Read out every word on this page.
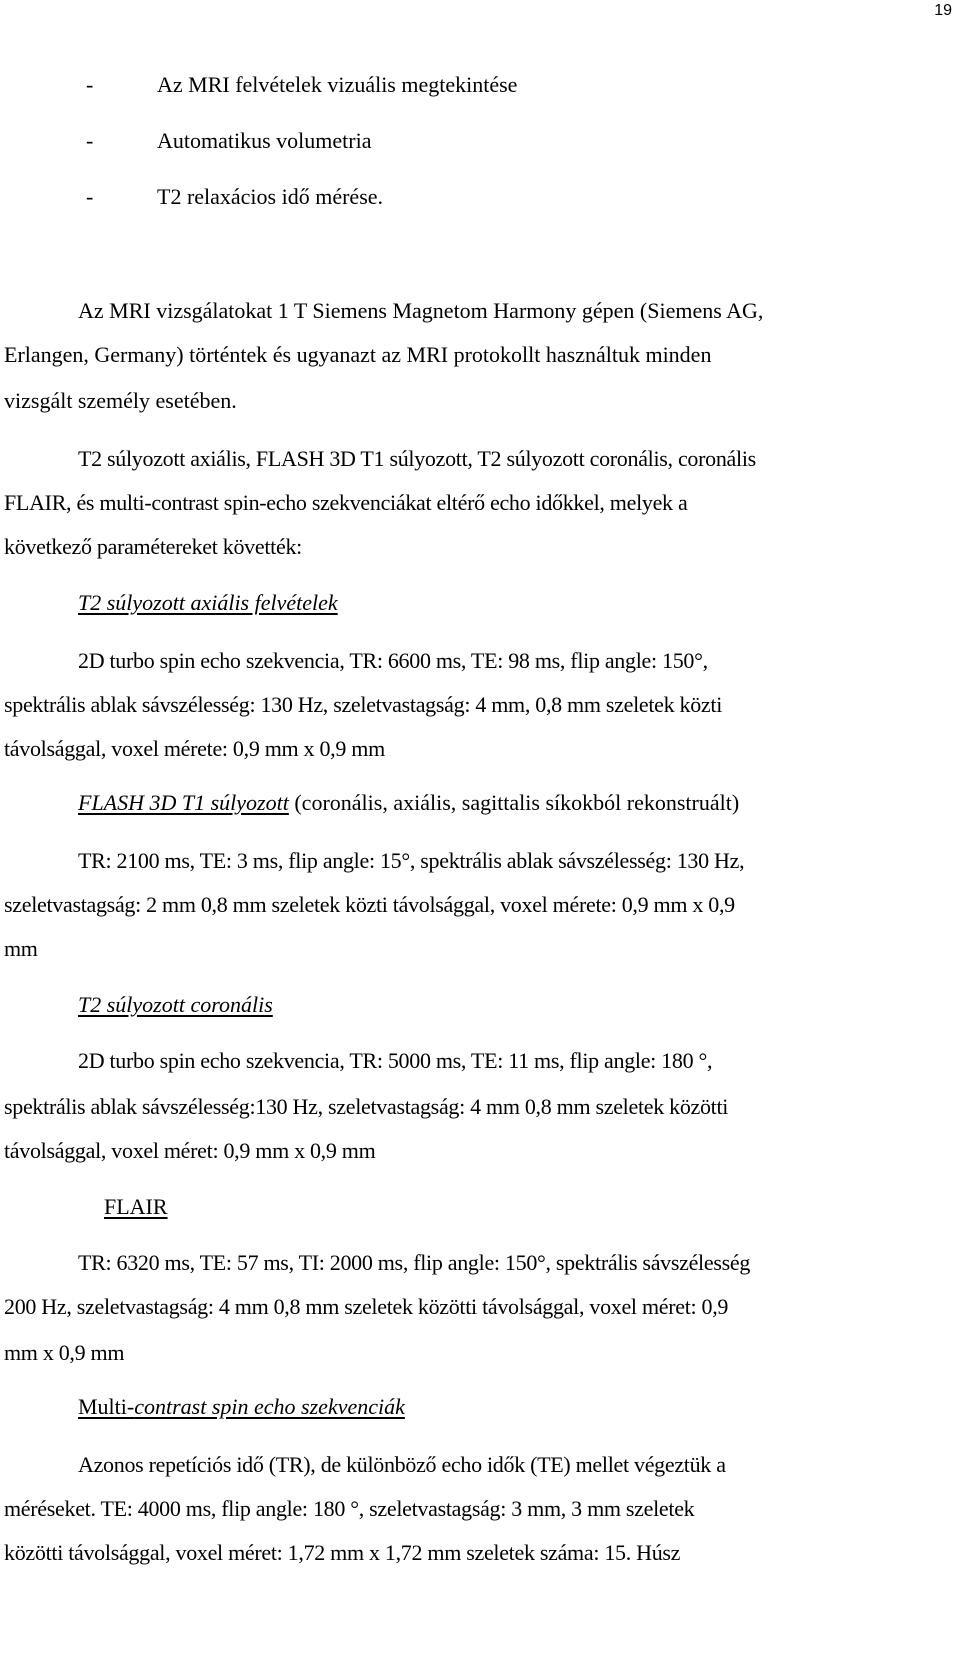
19
-	Az MRI felvételek vizuális megtekintése
-	Automatikus volumetria
-	T2 relaxácios idő mérése.
Az MRI vizsgálatokat 1 T Siemens Magnetom Harmony gépen (Siemens AG,
Erlangen, Germany) történtek és ugyanazt az MRI protokollt használtuk minden
vizsgált személy esetében.
T2 súlyozott axiális, FLASH 3D T1 súlyozott, T2 súlyozott coronális, coronális
FLAIR, és multi-contrast spin-echo szekvenciákat eltérő echo időkkel, melyek a
következő paramétereket követték:
T2 súlyozott axiális felvételek
2D turbo spin echo szekvencia, TR: 6600 ms, TE: 98 ms, flip angle: 150°,
spektrális ablak sávszélesség: 130 Hz, szeletvastagság: 4 mm, 0,8 mm szeletek közti
távolsággal, voxel mérete: 0,9 mm x 0,9 mm
FLASH 3D T1 súlyozott (coronális, axiális, sagittalis síkokból rekonstruált)
TR: 2100 ms, TE: 3 ms, flip angle: 15°, spektrális ablak sávszélesség: 130 Hz,
szeletvastagság: 2 mm 0,8 mm szeletek közti távolsággal, voxel mérete: 0,9 mm x 0,9
mm
T2 súlyozott coronális
2D turbo spin echo szekvencia, TR: 5000 ms, TE: 11 ms, flip angle: 180 °,
spektrális ablak sávszélesség:130 Hz, szeletvastagság: 4 mm 0,8 mm szeletek közötti
távolsággal, voxel méret: 0,9 mm x 0,9 mm
FLAIR
TR: 6320 ms, TE: 57 ms, TI: 2000 ms, flip angle: 150°, spektrális sávszélesség
200 Hz, szeletvastagság: 4 mm 0,8 mm szeletek közötti távolsággal, voxel méret: 0,9
mm x 0,9 mm
Multi-contrast spin echo szekvenciák
Azonos repetíciós idő (TR), de különböző echo idők (TE) mellet végeztük a
méréseket. TE: 4000 ms, flip angle: 180 °, szeletvastagság: 3 mm, 3 mm szeletek
közötti távolsággal, voxel méret: 1,72 mm x 1,72 mm szeletek száma: 15. Húsz
